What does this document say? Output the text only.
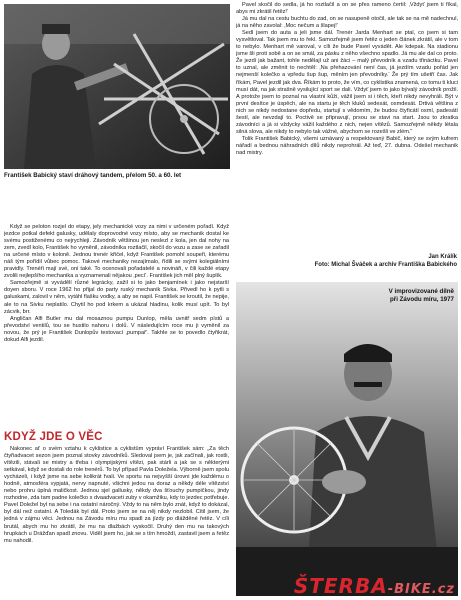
František Babický staví dráhový tandem, přelom 50. a 60. let

Když se peloton rozjel do etapy, jely mechanické vozy za nimi v určeném pořadí. Když jezdce potkal defekt galusky, udělaly doprovodné vozy místo, aby se mechanik dostal ke svému postiženému co nejrychleji. Závodník většinou jen neslezl z kola, jen dal nohy na zem, zvedl kolo, František ho vyměnil, závodníka roztlačil, skočil do vozu a zase se zařadil na určené místo v koloně. Jednou trenér křičel, když František pomohl soupeři, kterému náš tým pořídil vůbec pomoc. Takové mechaniky nezajímalo, řídili se svými kolegiálními pravidly. Trenéři mají své, oni také. To ocenovali pořadatelé a novináři, v čili každé etapy zvolili nejlepšího mechanika a vyznamenali nějakou ‚pecí‘. František jich měl plný šuplík.

Samozřejmě si vyvádělí různé legrácky, zažil si to jako benjamínek i jako nejstarší doyen sboru. V roce 1962 ho přijal do party ruský mechanik Sivka. Přivedl ho k pytli s galuskami, zalovil v něm, vytáhl flašku vodky, a aby se napil. František se kroutil, že nepije, ale to na Sivku neplatilo. Chytil ho pod krkem a ukázal hladinu, kolik musí upít. To byl zácvik, brr.

Angličan Alfi Butler mu dal mosaznou pumpu Dunlop, měla uvnitř sedm pístů a převodství ventilů, tou se hustilo nahoru i dolů. V následujícím roce mu ji vyměnil za novou, že prý je František Dunlopův testovací ‚pumpař‘. Takhle se to povedlo čtyřikrát, dokud Alfi jezdil.

KDYŽ JDE O VĚC

Nakonec ať o svém vztahu k cyklistice a cyklistům vypráví František sám: „Za těch čtyřiadvacet sezon jsem poznal stovky závodníků. Sledoval jsem je, jak začínali, jak rostli, vítězili, stávali se mistry a třeba i olympijskými vítězi, pak stárli a jak se s některými setkával, když se dostali do role trenérů. To byl případ Pavla Doležela. Výborně jsem spolu vycházeli, i když jsme na sebe kolikrát řvali. Ve sportu na nejvyšší úrovni jde každému o hodně, atmosféra vypjatá, nervy napnuté, všichni jedou na doraz a někdy déle vítězství nebo prohru úplná maličkost. Jednou sjel gallusky, někdy dva šťouchy pumpičkou, jindy rozhodne, zda tam padne kolečko s dvaadvaceti zuby v okamžiku, kdy to jezdec potřebuje. Pavel Doležel byl na sebe i na ostatní náročný. Vždy to na něm bylo znát, když to dokázal, byl dál než ostatní. A Toledák byl dál. Proto jsem se na něj nikdy nezlobil. Cítil jsem, že jedná v zájmu věci. Jednou na Závodu míru mu spadl za jízdy po dlážděné řetěz. V cíli brutál, abych mu ho zkrátil, že mu na dlažbách vyskočil. Druhý den mu na takových hrupkách u Drážďan spadl znovu. Viděl jsem ho, jak se s tím hmoždí, zastavil jsem a řetěz mu nahodil.

Pavel skočil do sedla, já ho roztlačil a on se přes rameno čertil: ‚Vždyť jsem ti říkal, abys mi zkrátil řetěz!‘

Já mu dal na cestu buchtu do zad, on se nasupeně otočil, ale tak se na mě nadechnul, já na něho zavolal: ‚Moc nečum a šlapej!‘

Sedl jsem do auta a jeli jsme dál. Trenér Jarda Menhart se ptal, co jsem si tam vysvětloval. Tak jsem mu to řekl. Samozřejmě jsem řetěz o jeden článek zkrátil, ale v tom to nebylo. Menhart mě varoval, v cíli že bude Pavel vyvádět. Ale kdepak. Na stadionu jsme šli proti sobě a on se smál, za pásku z něho všechno spadlo. Já mu ale dal co proto. Že jezdí jak bažant, tohle nedělají už ani žáci – malý převodník a vzadu třináctku. Pavel to uznal, ale změnit to nechtěl: ‚Na přehazování není čas, já jezdím vzadu pořád jen nejmenší kolečko a vpředu šup šup, měním jen převodníky.‘ Že prý tím ušetří čas. Jak říkám, Pavel jezdil jak dva. Říkám to proto, že vím, co cyklistika znamená, co tomu ti kluci musí dát, na jak strašně vysilující sport se dali. Vždyť jsem to jako bývalý závodník prožil. A protože jsem to poznal na vlastní kůži, vážil jsem si i těch, kteří nikdy nevyhráli. Být v první desítce je úspěch, ale na startu je těch kluků sedesát, osmdesát. Drtivá většina z nich se nikdy nedostane dopředu, startují s vědomím, že budou čtyřicátí osmí, padesátí šestí, ale nevzdají to. Poctivě se připravují, prsou se stavi na start. Jsou to zkratka závodníci a já si vždycky vážil každého z nich, nejen vítězů. Samozřejmě někdy létala silná slova, ale nikdy to nebylo tak vážné, abychom se rozešli ve zlém.“

Tolik František Babický, všemi uznávaný a respektovaný Babič, který se svým kufrem nářadí a bednou náhradních dílů nikdy neprohrál. Až teď, 27. dubna. Odešel mechanik nad mistry.

Jan Králík
Foto: Michal Šváček a archiv Františka Babického
V improvizované dílně při Závodu míru, 1977
ŠTERBA-BIKE.cz
